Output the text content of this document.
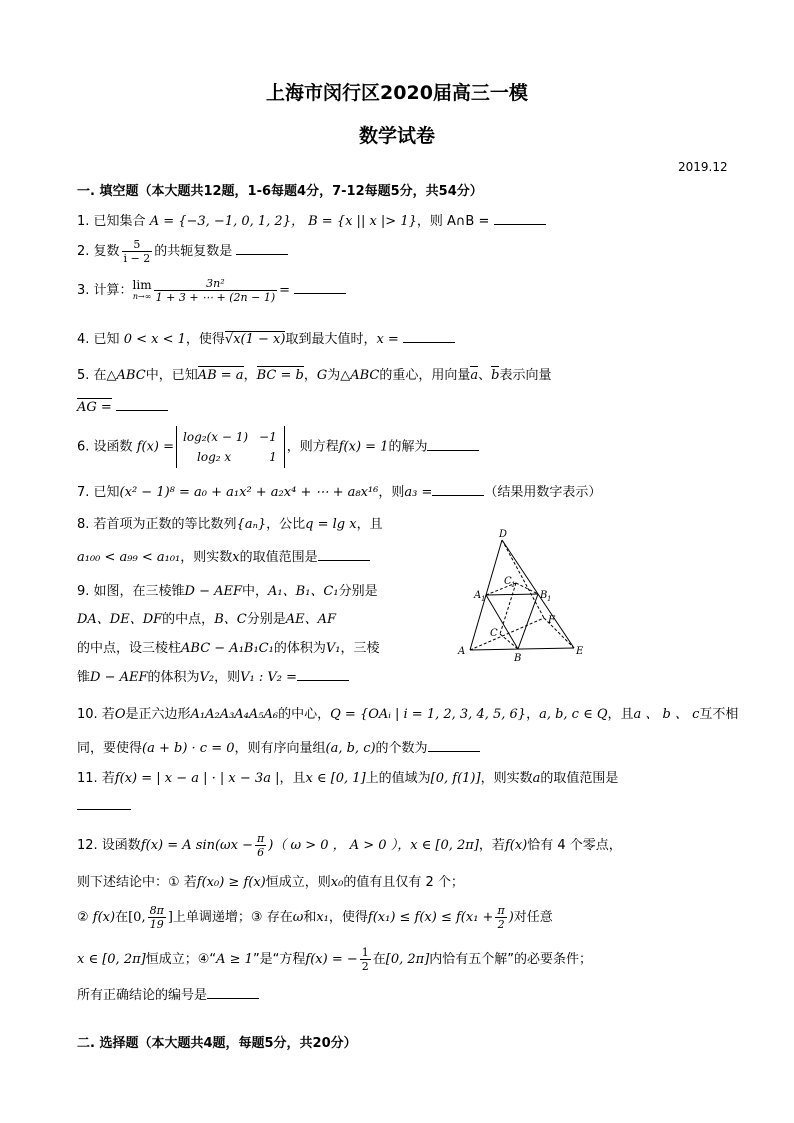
上海市闵行区2020届高三一模
数学试卷
2019.12
一. 填空题（本大题共12题，1-6每题4分，7-12每题5分，共54分）
1. 已知集合 A = {−3, −1, 0, 1, 2}， B = {x || x |> 1}，则 A∩B =
2. 复数 $\frac{5}{i - 2}$ 的共轭复数是
3. 计算： lim
$n\to\infty \frac{\text{3n²}}{1 + 3 + \cdots + (2n - 1)}$ =
4. 已知 0 < x < 1，使得√x(1 − x)取到最大值时，x =
5. 在△ABC中，已知AB = a，BC = b，G为△ABC的重心，用向量a、b表示向量
AG =
6. 设函数 f(x) =
log₂(x − 1)	−1
log₂ x	1
，则方程f(x) = 1的解为
7. 已知(x² − 1)⁸ = a₀ + a₁x² + a₂x⁴ + ⋯ + a₈x¹⁶，则a₃ =	（结果用数字表示）
8. 若首项为正数的等比数列{aₙ}，公比q = lg x，且
a₁₀₀ < a₉₉ < a₁₀₁，则实数x的取值范围是
9. 如图，在三棱锥D − AEF中，A₁、B₁、C₁分别是
DA、DE、DF的中点，B、C分别是AE、AF
的中点，设三棱柱ABC − A₁B₁C₁的体积为V₁，三棱
锥D − AEF的体积为V₂，则V₁ : V₂ =
D
A 1	B 1
C 1
A
B
C
E
F
10. 若O是正六边形A₁A₂A₃A₄A₅A₆的中心，Q = {OAᵢ | i = 1, 2, 3, 4, 5, 6}，a, b, c ∈ Q，且a 、 b 、 c互不相
同，要使得(a + b) · c = 0，则有序向量组(a, b, c)的个数为
11. 若f(x) = | x − a | · | x − 3a |，且x ∈ [0, 1]上的值域为[0, f(1)]，则实数a的取值范围是
12. 设函数f(x) = A $\sin(\omega x - \frac{\pi}{6}$ )（ ω > 0 ， A > 0 ），x ∈ [0, 2π]，若f(x)恰有 4 个零点，
则下述结论中：① 若f(x₀) ≥ f(x)恒成立，则x₀的值有且仅有 2 个；
② f(x)在[0, $\frac{8\pi}{19}$ ]上单调递增；③ 存在ω和x₁，使得$f(x_1) \le f(x) \le f(x_1 + \frac{\pi}{2}$ )对任意
x ∈ [0, 2π]恒成立；④“A ≥ 1”是“方程f(x) = − $\frac{1}{2}$ 在[0, 2π]内恰有五个解”的必要条件；
所有正确结论的编号是
二. 选择题（本大题共4题，每题5分，共20分）
